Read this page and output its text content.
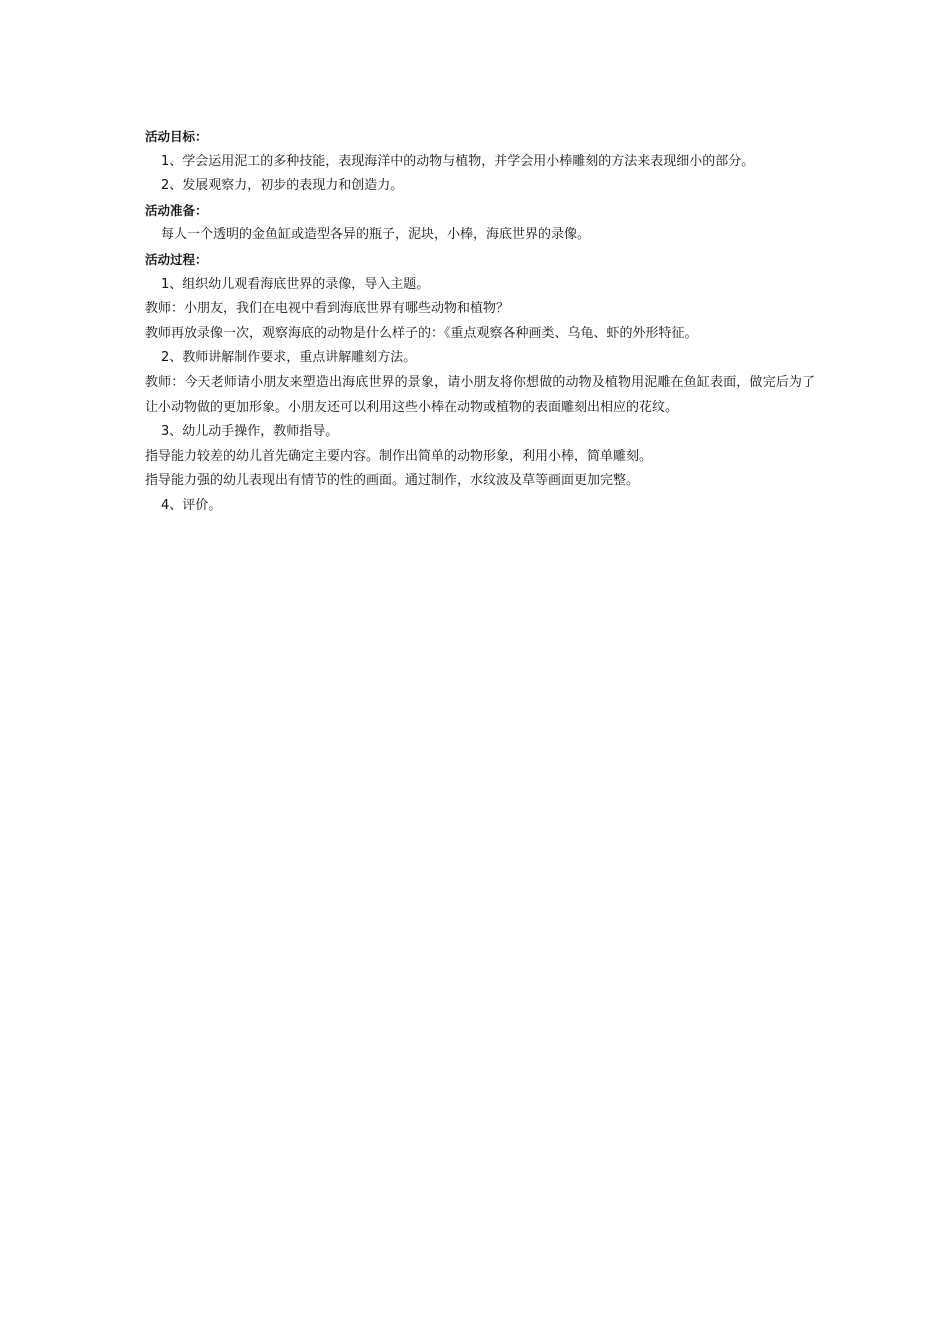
活动目标：
1、学会运用泥工的多种技能，表现海洋中的动物与植物，并学会用小棒雕刻的方法来表现细小的部分。
2、发展观察力，初步的表现力和创造力。
活动准备：
每人一个透明的金鱼缸或造型各异的瓶子，泥块，小棒，海底世界的录像。
活动过程：
1、组织幼儿观看海底世界的录像，导入主题。
教师：小朋友，我们在电视中看到海底世界有哪些动物和植物？
教师再放录像一次，观察海底的动物是什么样子的：《重点观察各种画类、乌龟、虾的外形特征。
2、教师讲解制作要求，重点讲解雕刻方法。
教师：今天老师请小朋友来塑造出海底世界的景象，请小朋友将你想做的动物及植物用泥雕在鱼缸表面，做完后为了让小动物做的更加形象。小朋友还可以利用这些小棒在动物或植物的表面雕刻出相应的花纹。
3、幼儿动手操作，教师指导。
指导能力较差的幼儿首先确定主要内容。制作出简单的动物形象，利用小棒，简单雕刻。
指导能力强的幼儿表现出有情节的性的画面。通过制作，水纹波及草等画面更加完整。
4、评价。
